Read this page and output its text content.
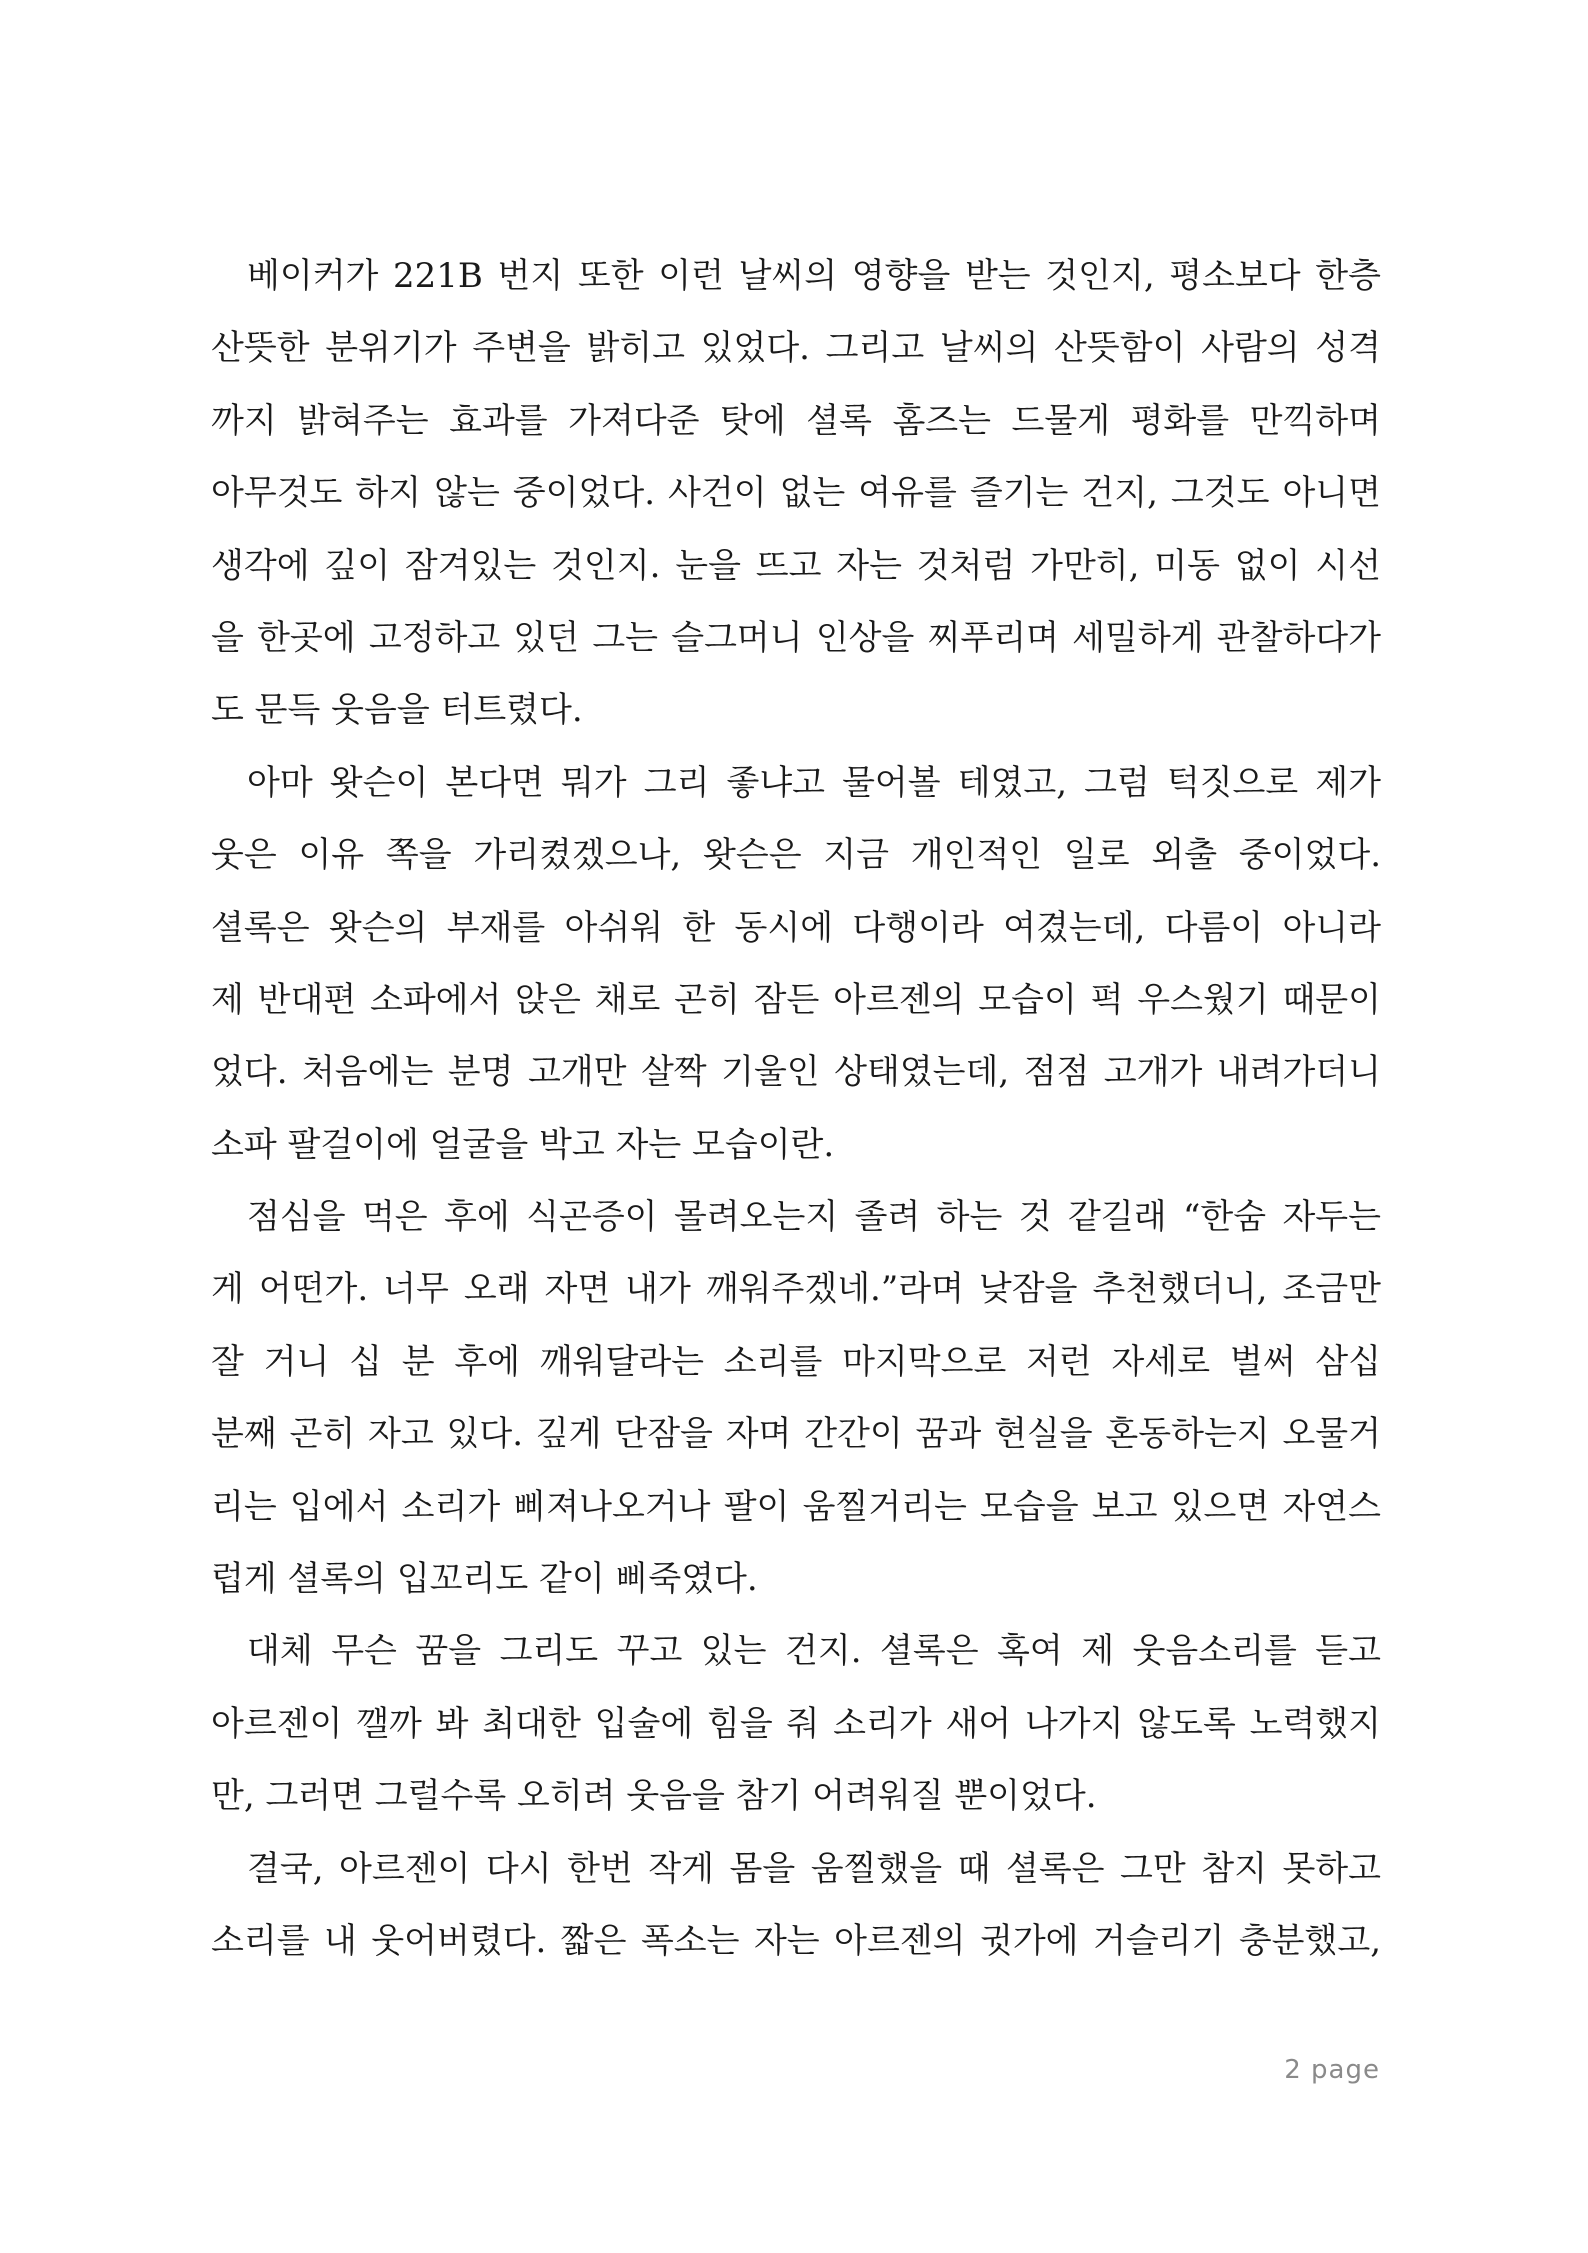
베이커가 221B 번지 또한 이런 날씨의 영향을 받는 것인지, 평소보다 한층
산뜻한 분위기가 주변을 밝히고 있었다. 그리고 날씨의 산뜻함이 사람의 성격
까지 밝혀주는 효과를 가져다준 탓에 셜록 홈즈는 드물게 평화를 만끽하며
아무것도 하지 않는 중이었다. 사건이 없는 여유를 즐기는 건지, 그것도 아니면
생각에 깊이 잠겨있는 것인지. 눈을 뜨고 자는 것처럼 가만히, 미동 없이 시선
을 한곳에 고정하고 있던 그는 슬그머니 인상을 찌푸리며 세밀하게 관찰하다가
도 문득 웃음을 터트렸다.
아마 왓슨이 본다면 뭐가 그리 좋냐고 물어볼 테였고, 그럼 턱짓으로 제가
웃은 이유 쪽을 가리켰겠으나, 왓슨은 지금 개인적인 일로 외출 중이었다.
셜록은 왓슨의 부재를 아쉬워 한 동시에 다행이라 여겼는데, 다름이 아니라
제 반대편 소파에서 앉은 채로 곤히 잠든 아르젠의 모습이 퍽 우스웠기 때문이
었다. 처음에는 분명 고개만 살짝 기울인 상태였는데, 점점 고개가 내려가더니
소파 팔걸이에 얼굴을 박고 자는 모습이란.
점심을 먹은 후에 식곤증이 몰려오는지 졸려 하는 것 같길래 “한숨 자두는
게 어떤가. 너무 오래 자면 내가 깨워주겠네.”라며 낮잠을 추천했더니, 조금만
잘 거니 십 분 후에 깨워달라는 소리를 마지막으로 저런 자세로 벌써 삼십
분째 곤히 자고 있다. 깊게 단잠을 자며 간간이 꿈과 현실을 혼동하는지 오물거
리는 입에서 소리가 삐져나오거나 팔이 움찔거리는 모습을 보고 있으면 자연스
럽게 셜록의 입꼬리도 같이 삐죽였다.
대체 무슨 꿈을 그리도 꾸고 있는 건지. 셜록은 혹여 제 웃음소리를 듣고
아르젠이 깰까 봐 최대한 입술에 힘을 줘 소리가 새어 나가지 않도록 노력했지
만, 그러면 그럴수록 오히려 웃음을 참기 어려워질 뿐이었다.
결국, 아르젠이 다시 한번 작게 몸을 움찔했을 때 셜록은 그만 참지 못하고
소리를 내 웃어버렸다. 짧은 폭소는 자는 아르젠의 귓가에 거슬리기 충분했고,
2 page
